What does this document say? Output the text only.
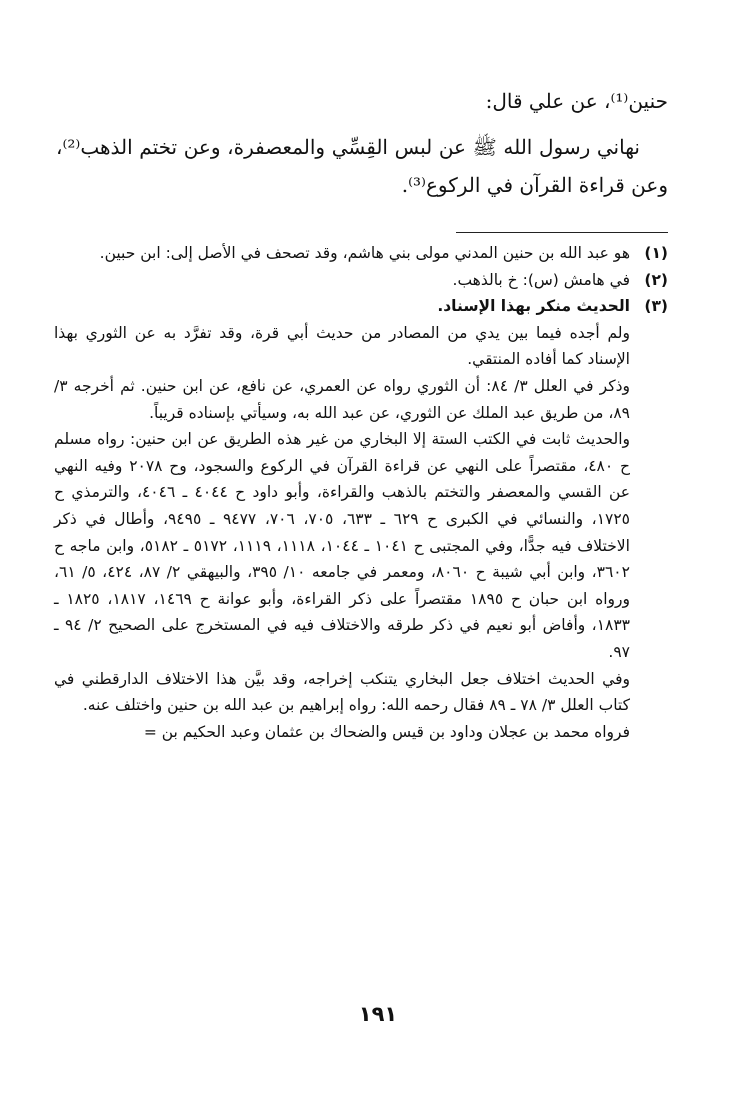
حنين⁽¹⁾، عن علي قال:

نهاني رسول الله ﷺ عن لبس القِسِّي والمعصفرة، وعن تختم الذهب⁽²⁾، وعن قراءة القرآن في الركوع⁽³⁾.

(١)
هو عبد الله بن حنين المدني مولى بني هاشم، وقد تصحف في الأصل إلى: ابن حبين.
(٢)
في هامش (س): خ بالذهب.
(٣)
الحديث منكر بهذا الإسناد.

ولم أجده فيما بين يدي من المصادر من حديث أبي قرة، وقد تفرَّد به عن الثوري بهذا الإسناد كما أفاده المنتقي.

وذكر في العلل ٣/ ٨٤: أن الثوري رواه عن العمري، عن نافع، عن ابن حنين. ثم أخرجه ٣/ ٨٩، من طريق عبد الملك عن الثوري، عن عبد الله به، وسيأتي بإسناده قريباً.

والحديث ثابت في الكتب الستة إلا البخاري من غير هذه الطريق عن ابن حنين: رواه مسلم ح ٤٨٠، مقتصراً على النهي عن قراءة القرآن في الركوع والسجود، وح ٢٠٧٨ وفيه النهي عن القسي والمعصفر والتختم بالذهب والقراءة، وأبو داود ح ٤٠٤٤ ـ ٤٠٤٦، والترمذي ح ١٧٢٥، والنسائي في الكبرى ح ٦٢٩ ـ ٦٣٣، ٧٠٥، ٧٠٦، ٩٤٧٧ ـ ٩٤٩٥، وأطال في ذكر الاختلاف فيه جدًّا، وفي المجتبى ح ١٠٤١ ـ ١٠٤٤، ١١١٨، ١١١٩، ٥١٧٢ ـ ٥١٨٢، وابن ماجه ح ٣٦٠٢، وابن أبي شيبة ح ٨٠٦٠، ومعمر في جامعه ١٠/ ٣٩٥، والبيهقي ٢/ ٨٧، ٤٢٤، ٥/ ٦١، ورواه ابن حبان ح ١٨٩٥ مقتصراً على ذكر القراءة، وأبو عوانة ح ١٤٦٩، ١٨١٧، ١٨٢٥ ـ ١٨٣٣، وأفاض أبو نعيم في ذكر طرقه والاختلاف فيه في المستخرج على الصحيح ٢/ ٩٤ ـ ٩٧.

وفي الحديث اختلاف جعل البخاري يتنكب إخراجه، وقد بيَّن هذا الاختلاف الدارقطني في كتاب العلل ٣/ ٧٨ ـ ٨٩ فقال رحمه الله: رواه إبراهيم بن عبد الله بن حنين واختلف عنه.

فرواه محمد بن عجلان وداود بن قيس والضحاك بن عثمان وعبد الحكيم بن =

١٩١
